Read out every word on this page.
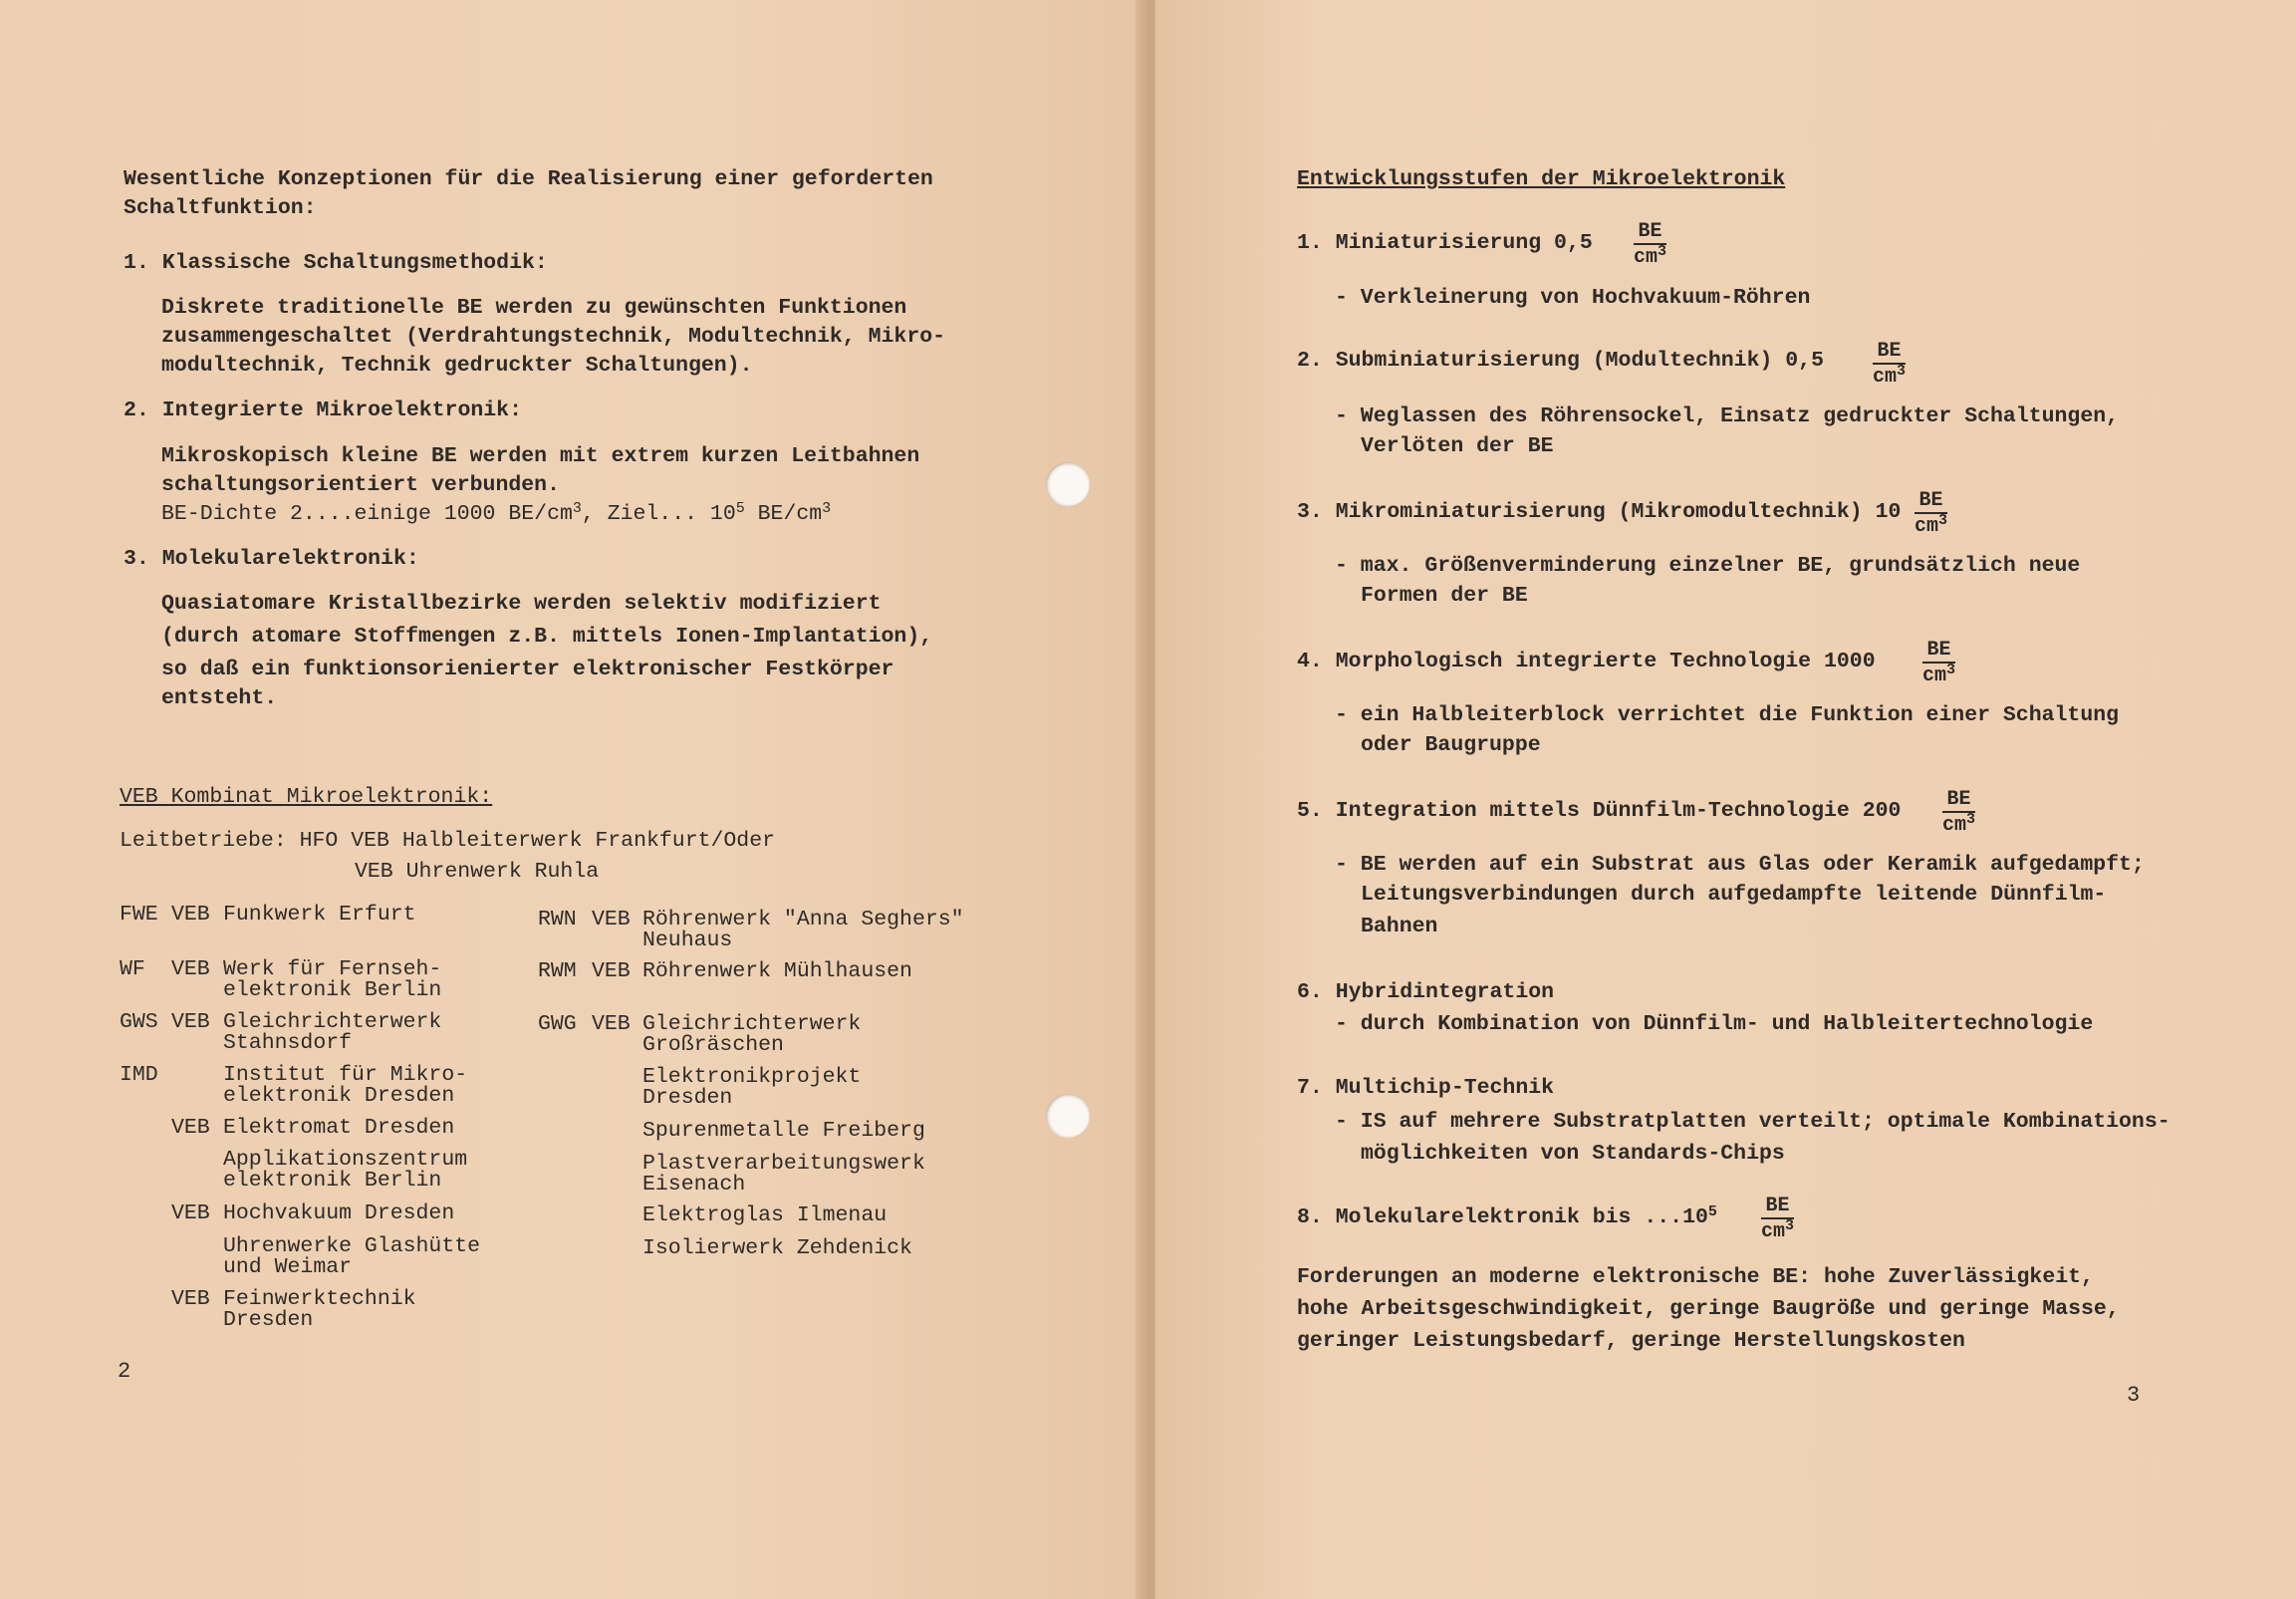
Wesentliche Konzeptionen für die Realisierung einer geforderten
Schaltfunktion:
1. Klassische Schaltungsmethodik:
Diskrete traditionelle BE werden zu gewünschten Funktionen
zusammengeschaltet (Verdrahtungstechnik, Modultechnik, Mikro-
modultechnik, Technik gedruckter Schaltungen).
2. Integrierte Mikroelektronik:
Mikroskopisch kleine BE werden mit extrem kurzen Leitbahnen
schaltungsorientiert verbunden.
BE-Dichte 2....einige 1000 $BE/cm^3$, Ziel... $10^5$ $BE/cm^3$
3. Molekularelektronik:
Quasiatomare Kristallbezirke werden selektiv modifiziert
(durch atomare Stoffmengen z.B. mittels Ionen-Implantation),
so daß ein funktionsorienierter elektronischer Festkörper
entsteht.
VEB Kombinat Mikroelektronik:
Leitbetriebe: HFO VEB Halbleiterwerk Frankfurt/Oder
VEB Uhrenwerk Ruhla
FWE VEB Funkwerk Erfurt
WF VEB Werk für Fernseh-
elektronik Berlin
GWS VEB Gleichrichterwerk
Stahnsdorf
IMD	Institut für Mikro-
elektronik Dresden
VEB Elektromat Dresden
Applikationszentrum
elektronik Berlin
VEB Hochvakuum Dresden
Uhrenwerke Glashütte
und Weimar
VEB Feinwerktechnik
Dresden
RWN VEB Röhrenwerk "Anna Seghers"
Neuhaus
RWM VEB Röhrenwerk Mühlhausen
GWG VEB Gleichrichterwerk
Großräschen
Elektronikprojekt
Dresden
Spurenmetalle Freiberg
Plastverarbeitungswerk
Eisenach
Elektroglas Ilmenau
Isolierwerk Zehdenick
2
Entwicklungsstufen der Mikroelektronik
1. Miniaturisierung $0,5 \frac{BE}{cm^3}$
- Verkleinerung von Hochvakuum-Röhren
2. Subminiaturisierung (Modultechnik) $0,5 \frac{BE}{cm^3}$
- Weglassen des Röhrensockel, Einsatz gedruckter Schaltungen,
Verlöten der BE
3. Mikrominiaturisierung (Mikromodultechnik) $10 \frac{BE}{cm^3}$
- max. Größenverminderung einzelner BE, grundsätzlich neue
Formen der BE
4. Morphologisch integrierte Technologie $1000 \frac{BE}{cm^3}$
- ein Halbleiterblock verrichtet die Funktion einer Schaltung
oder Baugruppe
5. Integration mittels Dünnfilm-Technologie $200 \frac{BE}{cm^3}$
- BE werden auf ein Substrat aus Glas oder Keramik aufgedampft;
Leitungsverbindungen durch aufgedampfte leitende Dünnfilm-
Bahnen
6. Hybridintegration
- durch Kombination von Dünnfilm- und Halbleitertechnologie
7. Multichip-Technik
- IS auf mehrere Substratplatten verteilt; optimale Kombinations-
möglichkeiten von Standards-Chips
8. Molekularelektronik bis $...10^5 \frac{BE}{cm^3}$
Forderungen an moderne elektronische BE: hohe Zuverlässigkeit,
hohe Arbeitsgeschwindigkeit, geringe Baugröße und geringe Masse,
geringer Leistungsbedarf, geringe Herstellungskosten
3
